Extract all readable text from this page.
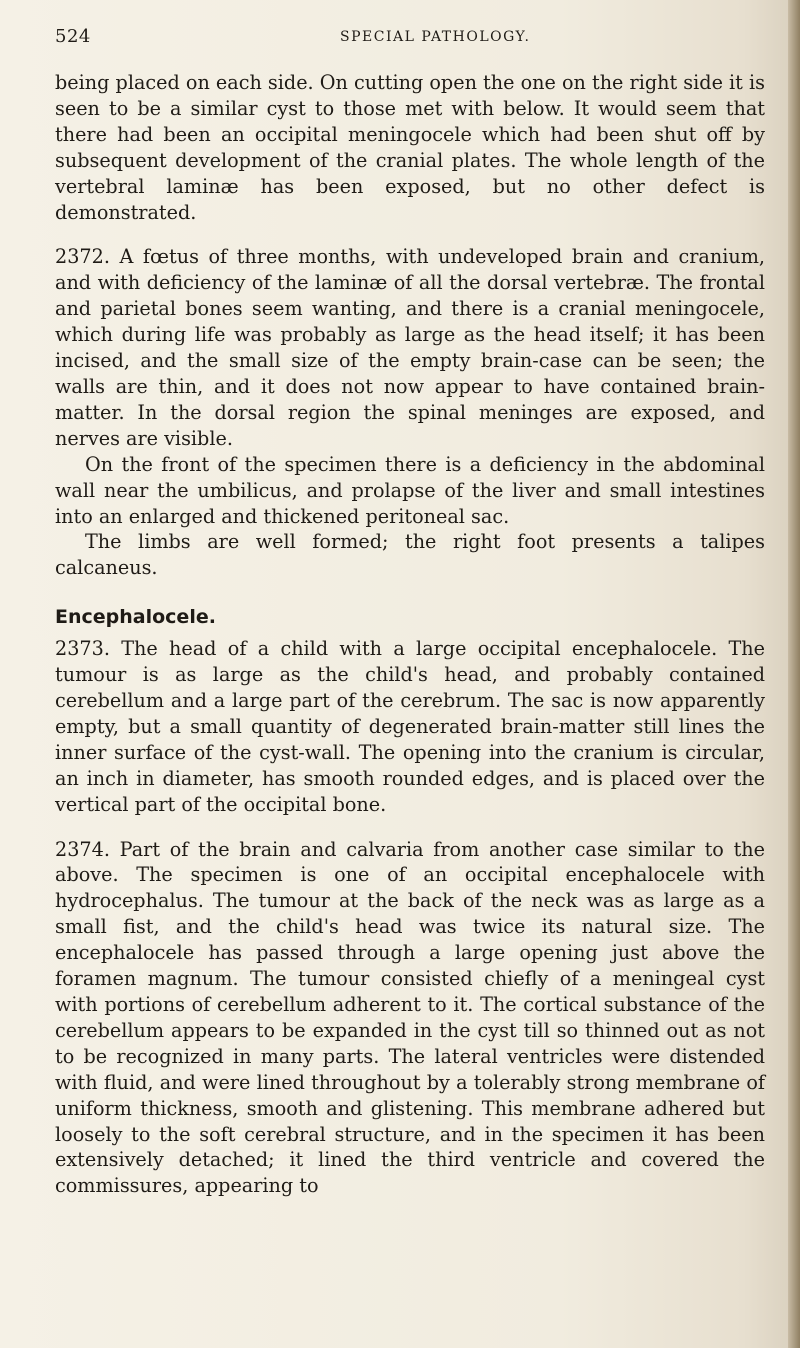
524	SPECIAL PATHOLOGY.

being placed on each side. On cutting open the one on the right side it is seen to be a similar cyst to those met with below. It would seem that there had been an occipital meningocele which had been shut off by subsequent development of the cranial plates. The whole length of the vertebral laminæ has been exposed, but no other defect is demonstrated.

2372. A fœtus of three months, with undeveloped brain and cranium, and with deficiency of the laminæ of all the dorsal vertebræ. The frontal and parietal bones seem wanting, and there is a cranial meningocele, which during life was probably as large as the head itself; it has been incised, and the small size of the empty brain-case can be seen; the walls are thin, and it does not now appear to have contained brain-matter. In the dorsal region the spinal meninges are exposed, and nerves are visible.

On the front of the specimen there is a deficiency in the abdominal wall near the umbilicus, and prolapse of the liver and small intestines into an enlarged and thickened peritoneal sac.

The limbs are well formed; the right foot presents a talipes calcaneus.

Encephalocele.

2373. The head of a child with a large occipital encephalocele. The tumour is as large as the child's head, and probably contained cerebellum and a large part of the cerebrum. The sac is now apparently empty, but a small quantity of degenerated brain-matter still lines the inner surface of the cyst-wall. The opening into the cranium is circular, an inch in diameter, has smooth rounded edges, and is placed over the vertical part of the occipital bone.

2374. Part of the brain and calvaria from another case similar to the above. The specimen is one of an occipital encephalocele with hydrocephalus. The tumour at the back of the neck was as large as a small fist, and the child's head was twice its natural size. The encephalocele has passed through a large opening just above the foramen magnum. The tumour consisted chiefly of a meningeal cyst with portions of cerebellum adherent to it. The cortical substance of the cerebellum appears to be expanded in the cyst till so thinned out as not to be recognized in many parts. The lateral ventricles were distended with fluid, and were lined throughout by a tolerably strong membrane of uniform thickness, smooth and glistening. This membrane adhered but loosely to the soft cerebral structure, and in the specimen it has been extensively detached; it lined the third ventricle and covered the commissures, appearing to
